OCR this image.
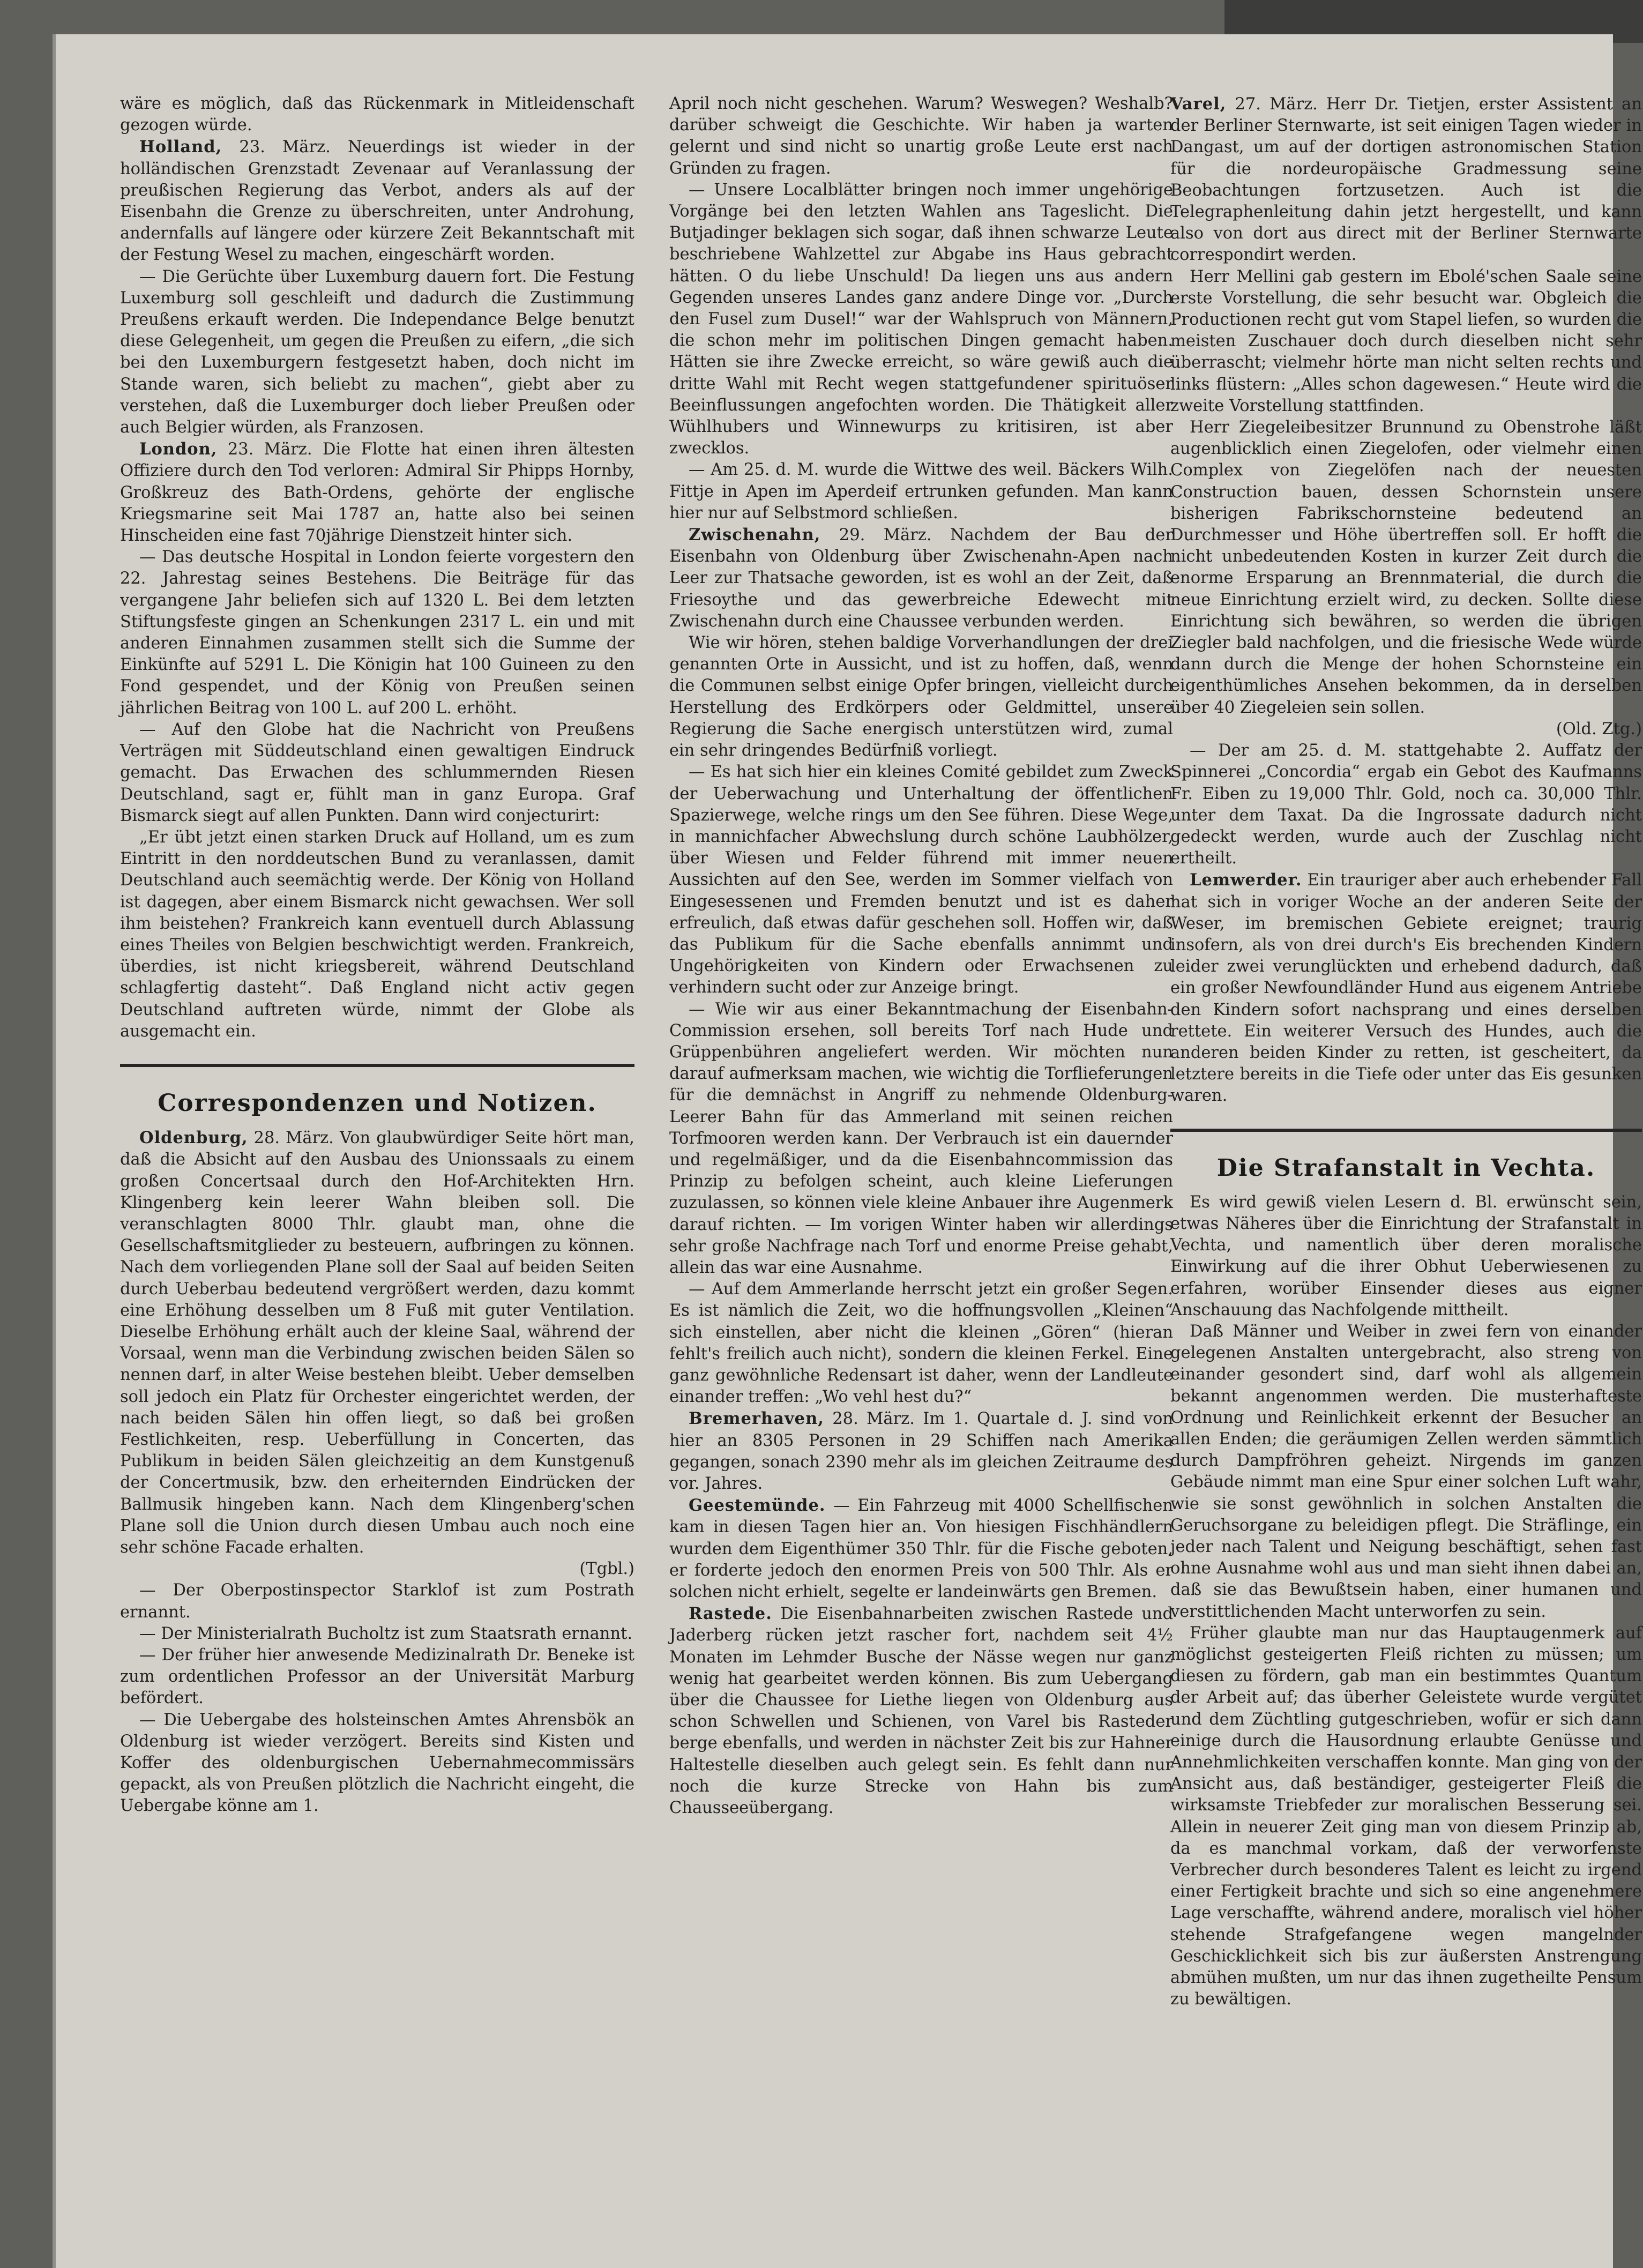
wäre es möglich, daß das Rückenmark in Mitleidenschaft gezogen würde.

Holland, 23. März. Neuerdings ist wieder in der holländischen Grenzstadt Zevenaar auf Veranlassung der preußischen Regierung das Verbot, anders als auf der Eisenbahn die Grenze zu überschreiten, unter Androhung, andernfalls auf längere oder kürzere Zeit Bekanntschaft mit der Festung Wesel zu machen, eingeschärft worden.

— Die Gerüchte über Luxemburg dauern fort. Die Festung Luxemburg soll geschleift und dadurch die Zustimmung Preußens erkauft werden. Die Independance Belge benutzt diese Gelegenheit, um gegen die Preußen zu eifern, „die sich bei den Luxemburgern festgesetzt haben, doch nicht im Stande waren, sich beliebt zu machen“, giebt aber zu verstehen, daß die Luxemburger doch lieber Preußen oder auch Belgier würden, als Franzosen.

London, 23. März. Die Flotte hat einen ihren ältesten Offiziere durch den Tod verloren: Admiral Sir Phipps Hornby, Großkreuz des Bath-Ordens, gehörte der englische Kriegsmarine seit Mai 1787 an, hatte also bei seinen Hinscheiden eine fast 70jährige Dienstzeit hinter sich.

— Das deutsche Hospital in London feierte vorgestern den 22. Jahrestag seines Bestehens. Die Beiträge für das vergangene Jahr beliefen sich auf 1320 L. Bei dem letzten Stiftungsfeste gingen an Schenkungen 2317 L. ein und mit anderen Einnahmen zusammen stellt sich die Summe der Einkünfte auf 5291 L. Die Königin hat 100 Guineen zu den Fond gespendet, und der König von Preußen seinen jährlichen Beitrag von 100 L. auf 200 L. erhöht.

— Auf den Globe hat die Nachricht von Preußens Verträgen mit Süddeutschland einen gewaltigen Eindruck gemacht. Das Erwachen des schlummernden Riesen Deutschland, sagt er, fühlt man in ganz Europa. Graf Bismarck siegt auf allen Punkten. Dann wird conjecturirt:

„Er übt jetzt einen starken Druck auf Holland, um es zum Eintritt in den norddeutschen Bund zu veranlassen, damit Deutschland auch seemächtig werde. Der König von Holland ist dagegen, aber einem Bismarck nicht gewachsen. Wer soll ihm beistehen? Frankreich kann eventuell durch Ablassung eines Theiles von Belgien beschwichtigt werden. Frankreich, überdies, ist nicht kriegsbereit, während Deutschland schlagfertig dasteht“. Daß England nicht activ gegen Deutschland auftreten würde, nimmt der Globe als ausgemacht ein.

Correspondenzen und Notizen.

Oldenburg, 28. März. Von glaubwürdiger Seite hört man, daß die Absicht auf den Ausbau des Unionssaals zu einem großen Concertsaal durch den Hof-Architekten Hrn. Klingenberg kein leerer Wahn bleiben soll. Die veranschlagten 8000 Thlr. glaubt man, ohne die Gesellschaftsmitglieder zu besteuern, aufbringen zu können. Nach dem vorliegenden Plane soll der Saal auf beiden Seiten durch Ueberbau bedeutend vergrößert werden, dazu kommt eine Erhöhung desselben um 8 Fuß mit guter Ventilation. Dieselbe Erhöhung erhält auch der kleine Saal, während der Vorsaal, wenn man die Verbindung zwischen beiden Sälen so nennen darf, in alter Weise bestehen bleibt. Ueber demselben soll jedoch ein Platz für Orchester eingerichtet werden, der nach beiden Sälen hin offen liegt, so daß bei großen Festlichkeiten, resp. Ueberfüllung in Concerten, das Publikum in beiden Sälen gleichzeitig an dem Kunstgenuß der Concertmusik, bzw. den erheiternden Eindrücken der Ballmusik hingeben kann. Nach dem Klingenberg'schen Plane soll die Union durch diesen Umbau auch noch eine sehr schöne Facade erhalten.

(Tgbl.)

— Der Oberpostinspector Starklof ist zum Postrath ernannt.

— Der Ministerialrath Bucholtz ist zum Staatsrath ernannt.

— Der früher hier anwesende Medizinalrath Dr. Beneke ist zum ordentlichen Professor an der Universität Marburg befördert.

— Die Uebergabe des holsteinschen Amtes Ahrensbök an Oldenburg ist wieder verzögert. Bereits sind Kisten und Koffer des oldenburgischen Uebernahmecommissärs gepackt, als von Preußen plötzlich die Nachricht eingeht, die Uebergabe könne am 1.

April noch nicht geschehen. Warum? Weswegen? Weshalb? darüber schweigt die Geschichte. Wir haben ja warten gelernt und sind nicht so unartig große Leute erst nach Gründen zu fragen.

— Unsere Localblätter bringen noch immer ungehörige Vorgänge bei den letzten Wahlen ans Tageslicht. Die Butjadinger beklagen sich sogar, daß ihnen schwarze Leute beschriebene Wahlzettel zur Abgabe ins Haus gebracht hätten. O du liebe Unschuld! Da liegen uns aus andern Gegenden unseres Landes ganz andere Dinge vor. „Durch den Fusel zum Dusel!“ war der Wahlspruch von Männern, die schon mehr im politischen Dingen gemacht haben. Hätten sie ihre Zwecke erreicht, so wäre gewiß auch die dritte Wahl mit Recht wegen stattgefundener spirituöser Beeinflussungen angefochten worden. Die Thätigkeit aller Wühlhubers und Winnewurps zu kritisiren, ist aber zwecklos.

— Am 25. d. M. wurde die Wittwe des weil. Bäckers Wilh. Fittje in Apen im Aperdeif ertrunken gefunden. Man kann hier nur auf Selbstmord schließen.

Zwischenahn, 29. März. Nachdem der Bau der Eisenbahn von Oldenburg über Zwischenahn-Apen nach Leer zur Thatsache geworden, ist es wohl an der Zeit, daß Friesoythe und das gewerbreiche Edewecht mit Zwischenahn durch eine Chaussee verbunden werden.

Wie wir hören, stehen baldige Vorverhandlungen der drei genannten Orte in Aussicht, und ist zu hoffen, daß, wenn die Communen selbst einige Opfer bringen, vielleicht durch Herstellung des Erdkörpers oder Geldmittel, unsere Regierung die Sache energisch unterstützen wird, zumal ein sehr dringendes Bedürfniß vorliegt.

— Es hat sich hier ein kleines Comité gebildet zum Zweck der Ueberwachung und Unterhaltung der öffentlichen Spazierwege, welche rings um den See führen. Diese Wege, in mannichfacher Abwechslung durch schöne Laubhölzer, über Wiesen und Felder führend mit immer neuen Aussichten auf den See, werden im Sommer vielfach von Eingesessenen und Fremden benutzt und ist es daher erfreulich, daß etwas dafür geschehen soll. Hoffen wir, daß das Publikum für die Sache ebenfalls annimmt und Ungehörigkeiten von Kindern oder Erwachsenen zu verhindern sucht oder zur Anzeige bringt.

— Wie wir aus einer Bekanntmachung der Eisenbahn-Commission ersehen, soll bereits Torf nach Hude und Grüppenbühren angeliefert werden. Wir möchten nun darauf aufmerksam machen, wie wichtig die Torflieferungen für die demnächst in Angriff zu nehmende Oldenburg-Leerer Bahn für das Ammerland mit seinen reichen Torfmooren werden kann. Der Verbrauch ist ein dauernder und regelmäßiger, und da die Eisenbahncommission das Prinzip zu befolgen scheint, auch kleine Lieferungen zuzulassen, so können viele kleine Anbauer ihre Augenmerk darauf richten. — Im vorigen Winter haben wir allerdings sehr große Nachfrage nach Torf und enorme Preise gehabt, allein das war eine Ausnahme.

— Auf dem Ammerlande herrscht jetzt ein großer Segen. Es ist nämlich die Zeit, wo die hoffnungsvollen „Kleinen“ sich einstellen, aber nicht die kleinen „Gören“ (hieran fehlt's freilich auch nicht), sondern die kleinen Ferkel. Eine ganz gewöhnliche Redensart ist daher, wenn der Landleute einander treffen: „Wo vehl hest du?“

Bremerhaven, 28. März. Im 1. Quartale d. J. sind von hier an 8305 Personen in 29 Schiffen nach Amerika gegangen, sonach 2390 mehr als im gleichen Zeitraume des vor. Jahres.

Geestemünde. — Ein Fahrzeug mit 4000 Schellfischen kam in diesen Tagen hier an. Von hiesigen Fischhändlern wurden dem Eigenthümer 350 Thlr. für die Fische geboten, er forderte jedoch den enormen Preis von 500 Thlr. Als er solchen nicht erhielt, segelte er landeinwärts gen Bremen.

Rastede. Die Eisenbahnarbeiten zwischen Rastede und Jaderberg rücken jetzt rascher fort, nachdem seit 4½ Monaten im Lehmder Busche der Nässe wegen nur ganz wenig hat gearbeitet werden können. Bis zum Uebergang über die Chaussee for Liethe liegen von Oldenburg aus schon Schwellen und Schienen, von Varel bis Rasteder berge ebenfalls, und werden in nächster Zeit bis zur Hahner Haltestelle dieselben auch gelegt sein. Es fehlt dann nur noch die kurze Strecke von Hahn bis zum Chausseeübergang.

Varel, 27. März. Herr Dr. Tietjen, erster Assistent an der Berliner Sternwarte, ist seit einigen Tagen wieder in Dangast, um auf der dortigen astronomischen Station für die nordeuropäische Gradmessung seine Beobachtungen fortzusetzen. Auch ist die Telegraphenleitung dahin jetzt hergestellt, und kann also von dort aus direct mit der Berliner Sternwarte correspondirt werden.

Herr Mellini gab gestern im Ebolé'schen Saale seine erste Vorstellung, die sehr besucht war. Obgleich die Productionen recht gut vom Stapel liefen, so wurden die meisten Zuschauer doch durch dieselben nicht sehr überrascht; vielmehr hörte man nicht selten rechts und links flüstern: „Alles schon dagewesen.“ Heute wird die zweite Vorstellung stattfinden.

Herr Ziegeleibesitzer Brunnund zu Obenstrohe läßt augenblicklich einen Ziegelofen, oder vielmehr einen Complex von Ziegelöfen nach der neuesten Construction bauen, dessen Schornstein unsere bisherigen Fabrikschornsteine bedeutend an Durchmesser und Höhe übertreffen soll. Er hofft die nicht unbedeutenden Kosten in kurzer Zeit durch die enorme Ersparung an Brennmaterial, die durch die neue Einrichtung erzielt wird, zu decken. Sollte diese Einrichtung sich bewähren, so werden die übrigen Ziegler bald nachfolgen, und die friesische Wede würde dann durch die Menge der hohen Schornsteine ein eigenthümliches Ansehen bekommen, da in derselben über 40 Ziegeleien sein sollen.

(Old. Ztg.)

— Der am 25. d. M. stattgehabte 2. Auffatz der Spinnerei „Concordia“ ergab ein Gebot des Kaufmanns Fr. Eiben zu 19,000 Thlr. Gold, noch ca. 30,000 Thlr. unter dem Taxat. Da die Ingrossate dadurch nicht gedeckt werden, wurde auch der Zuschlag nicht ertheilt.

Lemwerder. Ein trauriger aber auch erhebender Fall hat sich in voriger Woche an der anderen Seite der Weser, im bremischen Gebiete ereignet; traurig insofern, als von drei durch's Eis brechenden Kindern leider zwei verunglückten und erhebend dadurch, daß ein großer Newfoundländer Hund aus eigenem Antriebe den Kindern sofort nachsprang und eines derselben rettete. Ein weiterer Versuch des Hundes, auch die anderen beiden Kinder zu retten, ist gescheitert, da letztere bereits in die Tiefe oder unter das Eis gesunken waren.

Die Strafanstalt in Vechta.

Es wird gewiß vielen Lesern d. Bl. erwünscht sein, etwas Näheres über die Einrichtung der Strafanstalt in Vechta, und namentlich über deren moralische Einwirkung auf die ihrer Obhut Ueberwiesenen zu erfahren, worüber Einsender dieses aus eigner Anschauung das Nachfolgende mittheilt.

Daß Männer und Weiber in zwei fern von einander gelegenen Anstalten untergebracht, also streng von einander gesondert sind, darf wohl als allgemein bekannt angenommen werden. Die musterhafteste Ordnung und Reinlichkeit erkennt der Besucher an allen Enden; die geräumigen Zellen werden sämmtlich durch Dampfröhren geheizt. Nirgends im ganzen Gebäude nimmt man eine Spur einer solchen Luft wahr, wie sie sonst gewöhnlich in solchen Anstalten die Geruchsorgane zu beleidigen pflegt. Die Sträflinge, ein jeder nach Talent und Neigung beschäftigt, sehen fast ohne Ausnahme wohl aus und man sieht ihnen dabei an, daß sie das Bewußtsein haben, einer humanen und verstittlichenden Macht unterworfen zu sein.

Früher glaubte man nur das Hauptaugenmerk auf möglichst gesteigerten Fleiß richten zu müssen; um diesen zu fördern, gab man ein bestimmtes Quantum der Arbeit auf; das überher Geleistete wurde vergütet und dem Züchtling gutgeschrieben, wofür er sich dann einige durch die Hausordnung erlaubte Genüsse und Annehmlichkeiten verschaffen konnte. Man ging von der Ansicht aus, daß beständiger, gesteigerter Fleiß die wirksamste Triebfeder zur moralischen Besserung sei. Allein in neuerer Zeit ging man von diesem Prinzip ab, da es manchmal vorkam, daß der verworfenste Verbrecher durch besonderes Talent es leicht zu irgend einer Fertigkeit brachte und sich so eine angenehmere Lage verschaffte, während andere, moralisch viel höher stehende Strafgefangene wegen mangelnder Geschicklichkeit sich bis zur äußersten Anstrengung abmühen mußten, um nur das ihnen zugetheilte Pensum zu bewältigen.
